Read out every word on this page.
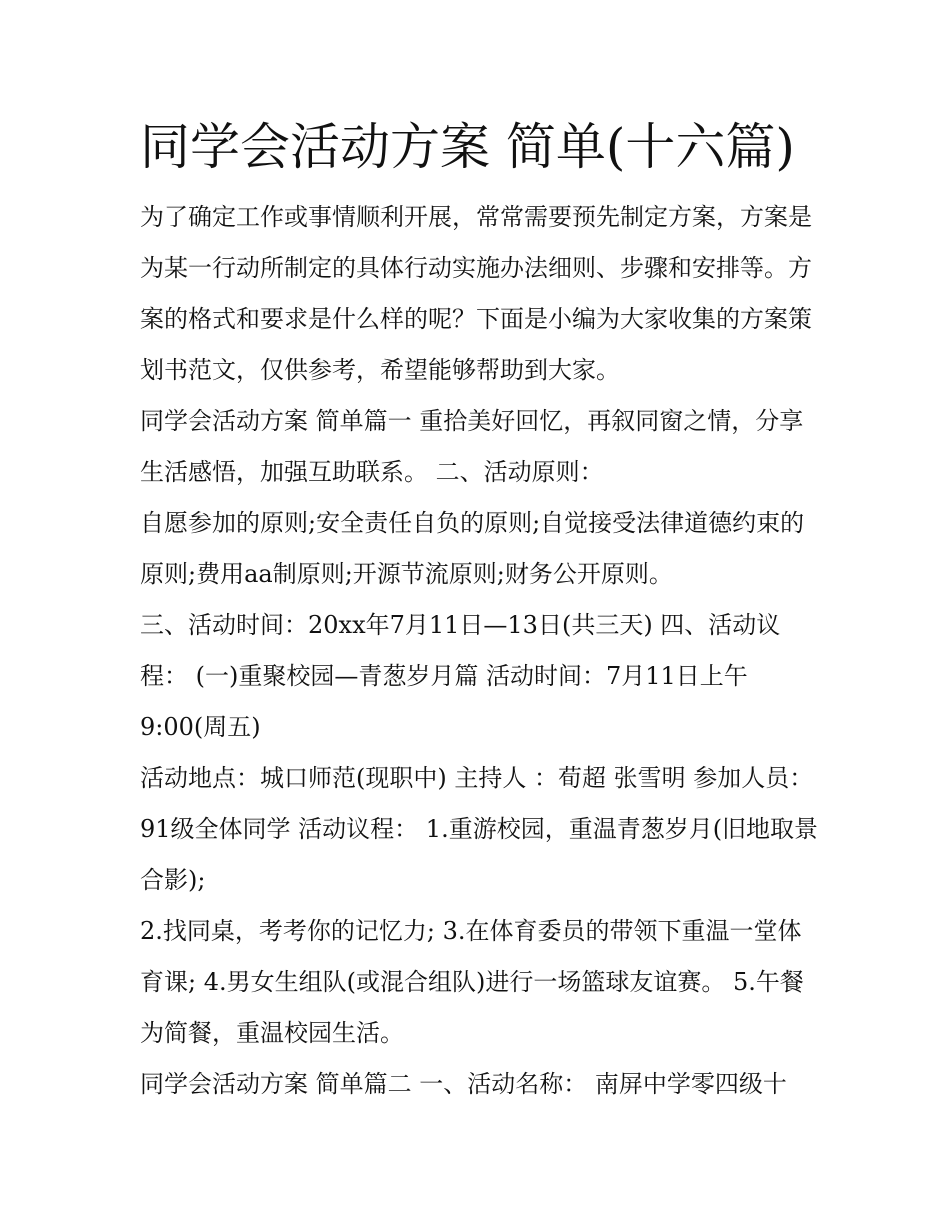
同学会活动方案 简单(十六篇)

为了确定工作或事情顺利开展，常常需要预先制定方案，方案是为某一行动所制定的具体行动实施办法细则、步骤和安排等。方案的格式和要求是什么样的呢？下面是小编为大家收集的方案策划书范文，仅供参考，希望能够帮助到大家。

同学会活动方案 简单篇一 重拾美好回忆，再叙同窗之情，分享生活感悟，加强互助联系。 二、活动原则：

自愿参加的原则;安全责任自负的原则;自觉接受法律道德约束的原则;费用aa制原则;开源节流原则;财务公开原则。

三、活动时间：20xx年7月11日—13日(共三天) 四、活动议程： (一)重聚校园—青葱岁月篇 活动时间：7月11日上午9:00(周五)

活动地点：城口师范(现职中) 主持人 ：荀超 张雪明 参加人员：91级全体同学 活动议程： 1.重游校园，重温青葱岁月(旧地取景合影);

2.找同桌，考考你的记忆力; 3.在体育委员的带领下重温一堂体育课; 4.男女生组队(或混合组队)进行一场篮球友谊赛。 5.午餐为简餐，重温校园生活。

同学会活动方案 简单篇二 一、活动名称： 南屏中学零四级十
